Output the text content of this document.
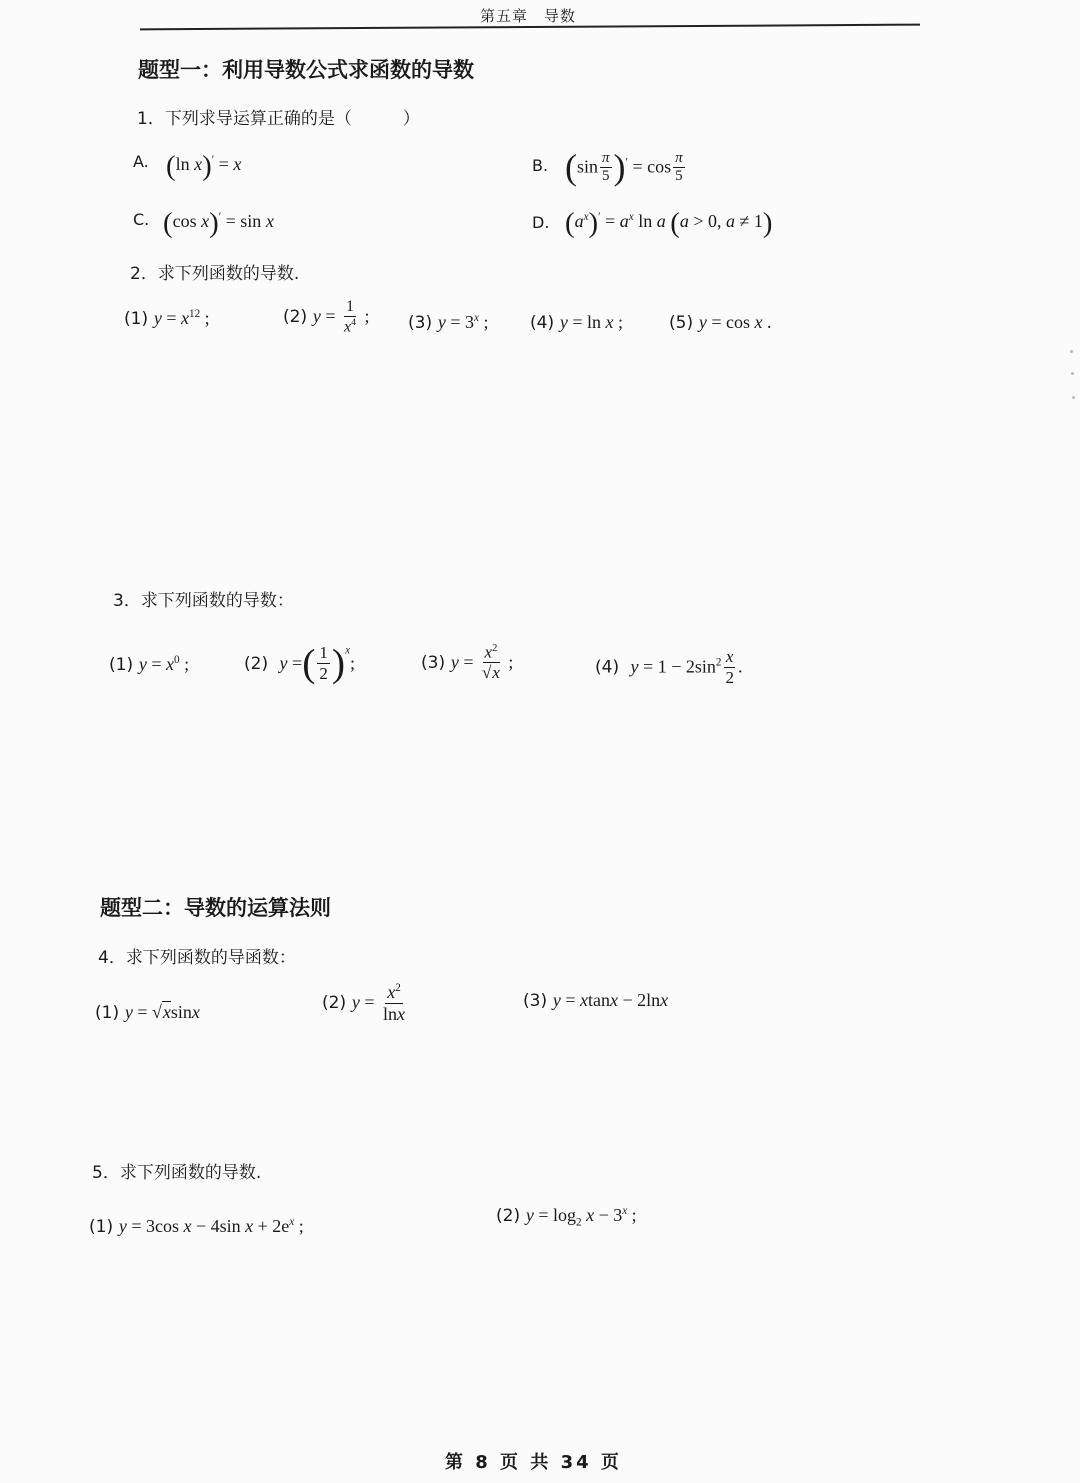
第五章　导数
题型一：利用导数公式求函数的导数
1．下列求导运算正确的是（　　　）
A. (ln x)′ = x	B. $(\sin \frac{\pi}{5} )' = \cos \frac{\pi}{5}$
C. (cos x)′ = sin x	D. $(a^x)' = a^x$ ln a (a > 0, a ≠ 1)
2．求下列函数的导数.
(1) $y = x^{12}$ ;	(2) $y = \frac{1}{x^4}$ ; (3) $y = 3^x$ ; (4) y = ln x ;	(5) y = cos x .
3．求下列函数的导数：
(1) $y = x^0$ ;	(2) y =( $\frac{1}{2} )^x$;	(3) $y = \frac{x^2}{√x}$ ;	(4) $y = 1 - 2\sin^2 \frac{x}{2}$ .
题型二：导数的运算法则
4．求下列函数的导函数：
(1) y = √xsinx	(2) $y = \frac{x^2}{\ln x}$	(3) y = xtanx − 2lnx
5．求下列函数的导数.
(1) y = 3cos x − 4sin $x + 2e^x$ ;	(2) $y = \log_2 x - 3^x$ ;
第 8 页 共 34 页
